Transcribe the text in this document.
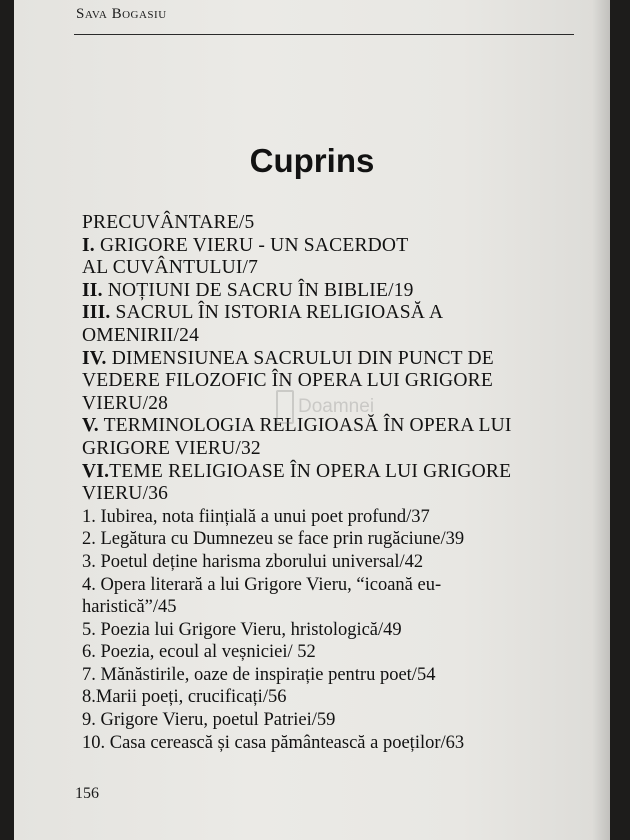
Sava Bogasiu
Cuprins
PRECUVÂNTARE/5
I. GRIGORE VIERU - UN SACERDOT
AL CUVÂNTULUI/7
II. NOȚIUNI DE SACRU ÎN BIBLIE/19
III. SACRUL ÎN ISTORIA RELIGIOASĂ A
OMENIRII/24
IV. DIMENSIUNEA SACRULUI DIN PUNCT DE
VEDERE FILOZOFIC ÎN OPERA LUI GRIGORE
VIERU/28
V. TERMINOLOGIA RELIGIOASĂ ÎN OPERA LUI
GRIGORE VIERU/32
VI.TEME RELIGIOASE ÎN OPERA LUI GRIGORE
VIERU/36
1. Iubirea, nota ființială a unui poet profund/37
2. Legătura cu Dumnezeu se face prin rugăciune/39
3. Poetul deține harisma zborului universal/42
4. Opera literară a lui Grigore Vieru, “icoană eu-
haristică”/45
5. Poezia lui Grigore Vieru, hristologică/49
6. Poezia, ecoul al veșniciei/ 52
7. Mănăstirile, oaze de inspirație pentru poet/54
8.Marii poeți, crucificați/56
9. Grigore Vieru, poetul Patriei/59
10. Casa cerească și casa pământească a poeților/63
Doamnei
156
